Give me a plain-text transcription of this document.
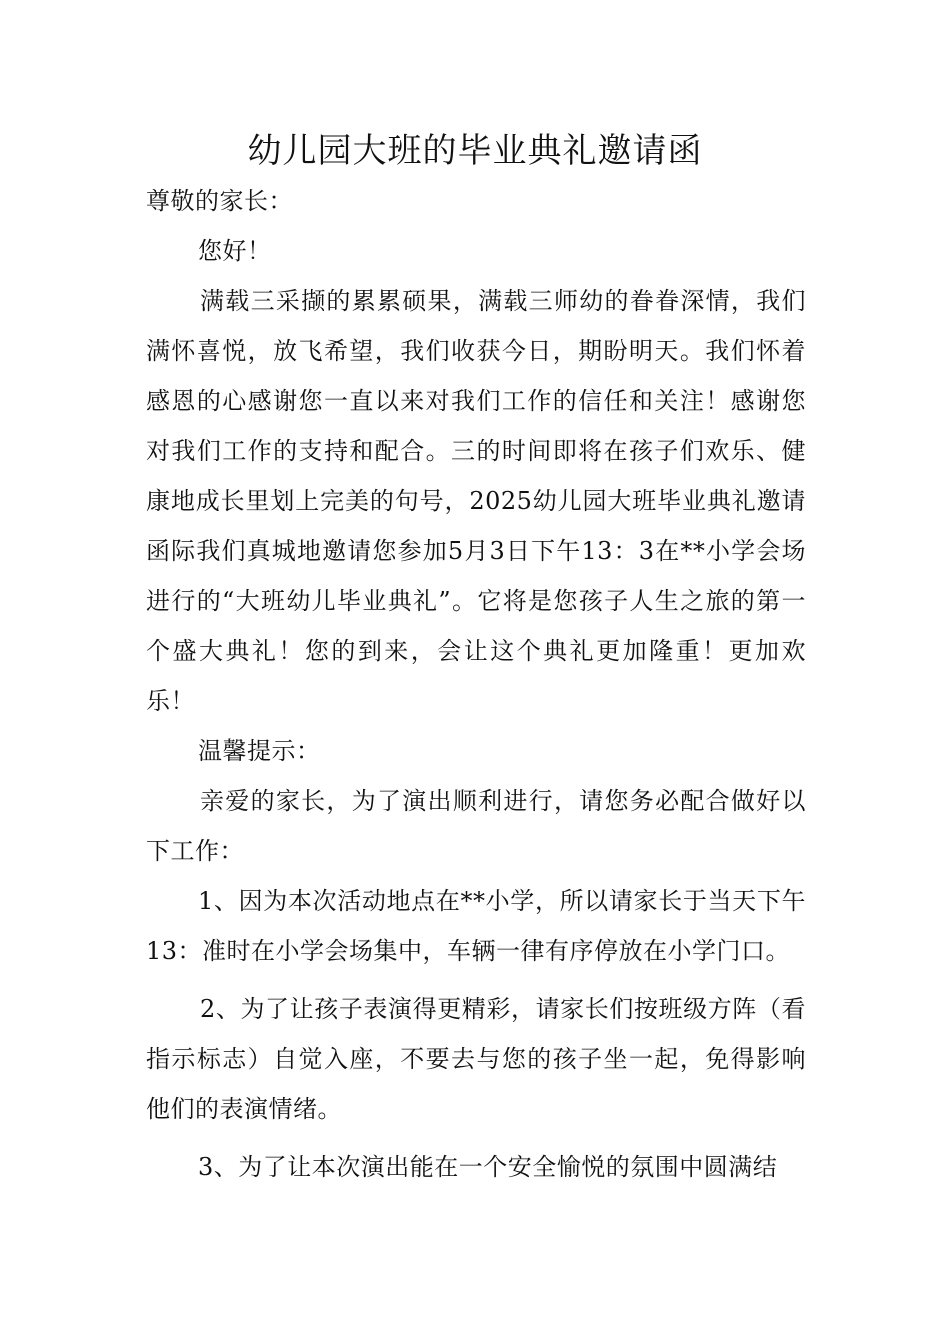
幼儿园大班的毕业典礼邀请函

尊敬的家长：

您好！

满载三采撷的累累硕果，满载三师幼的眷眷深情，我们满怀喜悦，放飞希望，我们收获今日，期盼明天。我们怀着感恩的心感谢您一直以来对我们工作的信任和关注！感谢您对我们工作的支持和配合。三的时间即将在孩子们欢乐、健康地成长里划上完美的句号，2025幼儿园大班毕业典礼邀请函际我们真城地邀请您参加5月3日下午13：3在**小学会场进行的“大班幼儿毕业典礼”。它将是您孩子人生之旅的第一个盛大典礼！您的到来，会让这个典礼更加隆重！更加欢乐！

温馨提示：

亲爱的家长，为了演出顺利进行，请您务必配合做好以下工作：

1、因为本次活动地点在**小学，所以请家长于当天下午13：准时在小学会场集中，车辆一律有序停放在小学门口。

2、为了让孩子表演得更精彩，请家长们按班级方阵（看指示标志）自觉入座，不要去与您的孩子坐一起，免得影响他们的表演情绪。

3、为了让本次演出能在一个安全愉悦的氛围中圆满结
